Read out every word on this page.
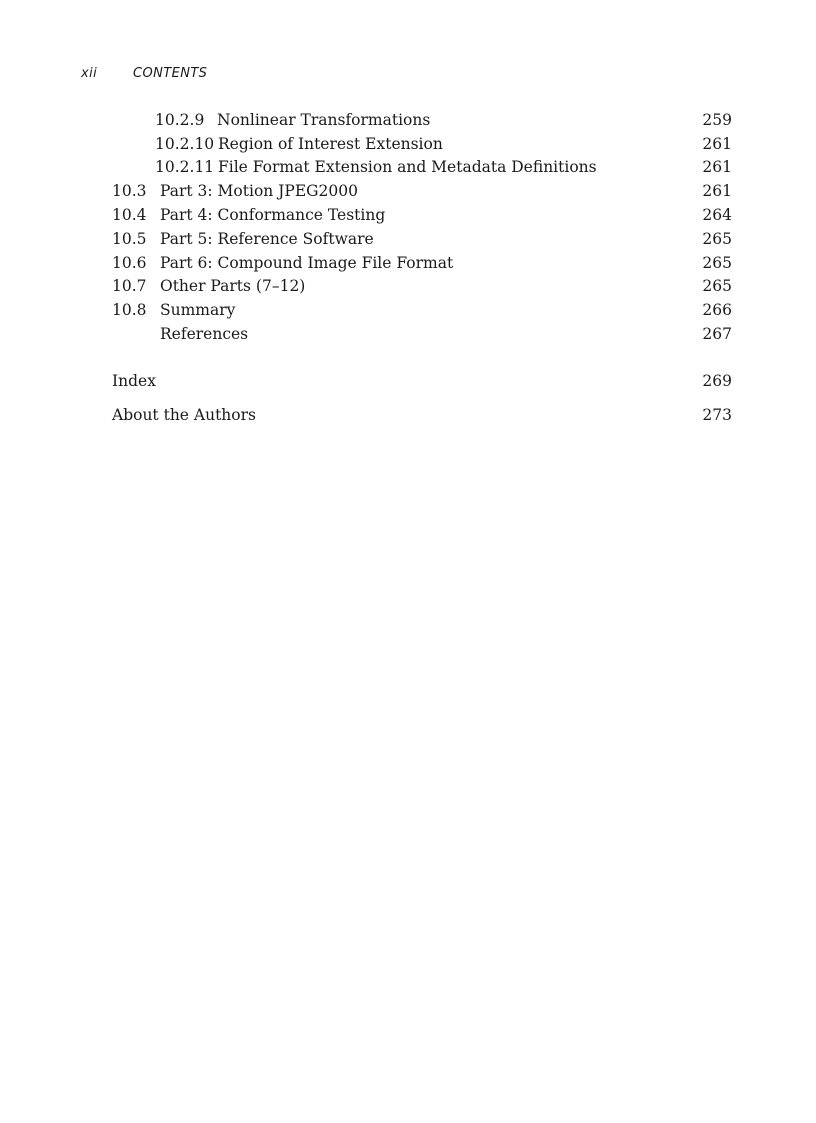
xii	CONTENTS
10.2.9 Nonlinear Transformations	259
10.2.10 Region of Interest Extension	261
10.2.11 File Format Extension and Metadata Definitions	261
10.3 Part 3: Motion JPEG2000	261
10.4 Part 4: Conformance Testing	264
10.5 Part 5: Reference Software	265
10.6 Part 6: Compound Image File Format	265
10.7 Other Parts (7–12)	265
10.8 Summary	266
References	267
Index	269
About the Authors	273
